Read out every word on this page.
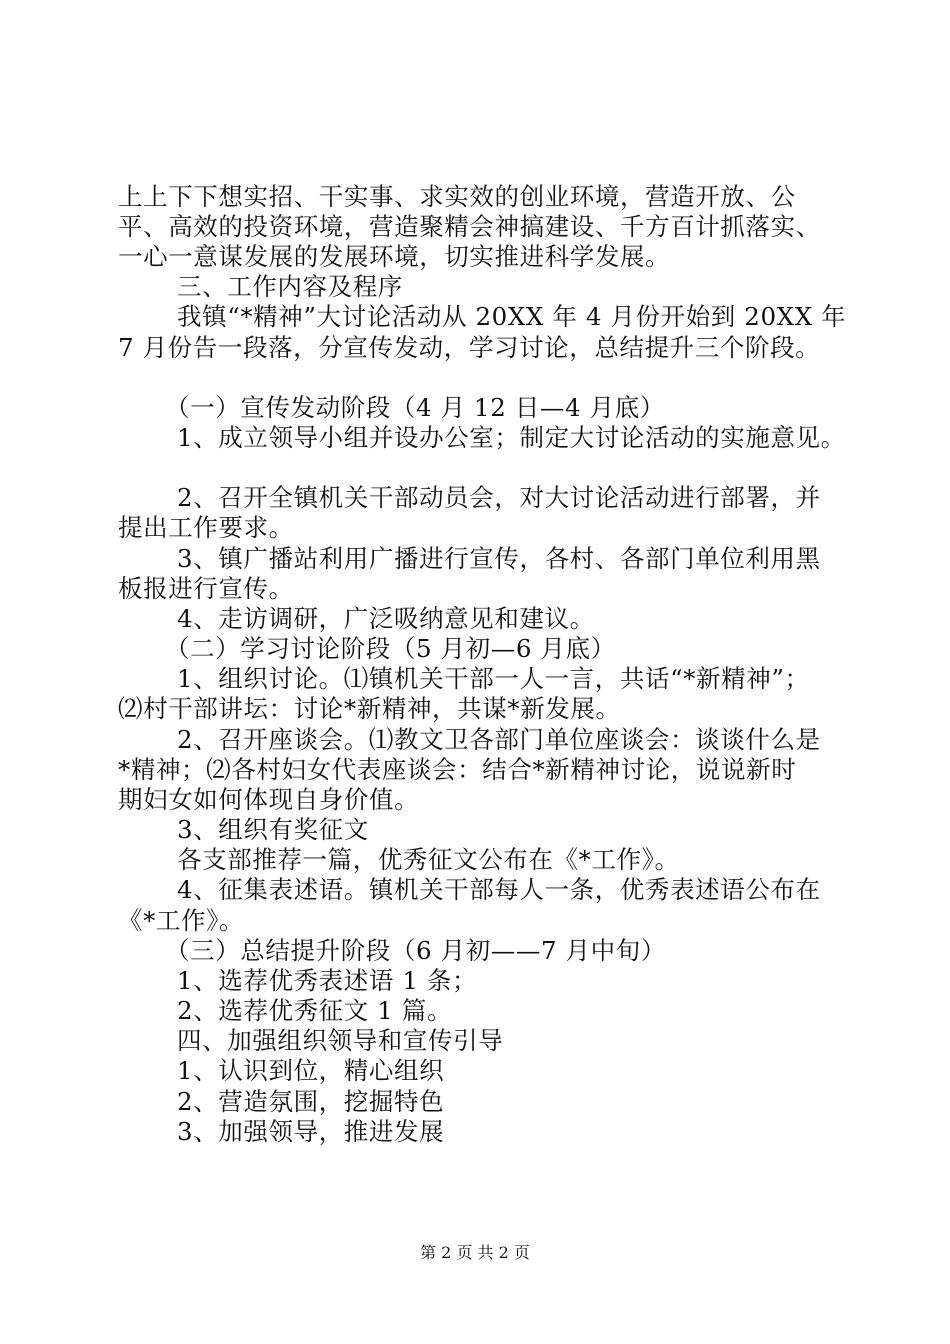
上上下下想实招、干实事、求实效的创业环境，营造开放、公
平、高效的投资环境，营造聚精会神搞建设、千方百计抓落实、
一心一意谋发展的发展环境，切实推进科学发展。
三、工作内容及程序
我镇“*精神”大讨论活动从 20XX 年 4 月份开始到 20XX 年
7 月份告一段落，分宣传发动，学习讨论，总结提升三个阶段。
（一）宣传发动阶段（4 月 12 日—4 月底）
1、成立领导小组并设办公室；制定大讨论活动的实施意见。
2、召开全镇机关干部动员会，对大讨论活动进行部署，并
提出工作要求。
3、镇广播站利用广播进行宣传，各村、各部门单位利用黑
板报进行宣传。
4、走访调研，广泛吸纳意见和建议。
（二）学习讨论阶段（5 月初—6 月底）
1、组织讨论。⑴镇机关干部一人一言，共话“*新精神”；
⑵村干部讲坛：讨论*新精神，共谋*新发展。
2、召开座谈会。⑴教文卫各部门单位座谈会：谈谈什么是
*精神；⑵各村妇女代表座谈会：结合*新精神讨论，说说新时
期妇女如何体现自身价值。
3、组织有奖征文
各支部推荐一篇，优秀征文公布在《*工作》。
4、征集表述语。镇机关干部每人一条，优秀表述语公布在
《*工作》。
（三）总结提升阶段（6 月初——7 月中旬）
1、选荐优秀表述语 1 条；
2、选荐优秀征文 1 篇。
四、加强组织领导和宣传引导
1、认识到位，精心组织
2、营造氛围，挖掘特色
3、加强领导，推进发展
第 2 页 共 2 页
